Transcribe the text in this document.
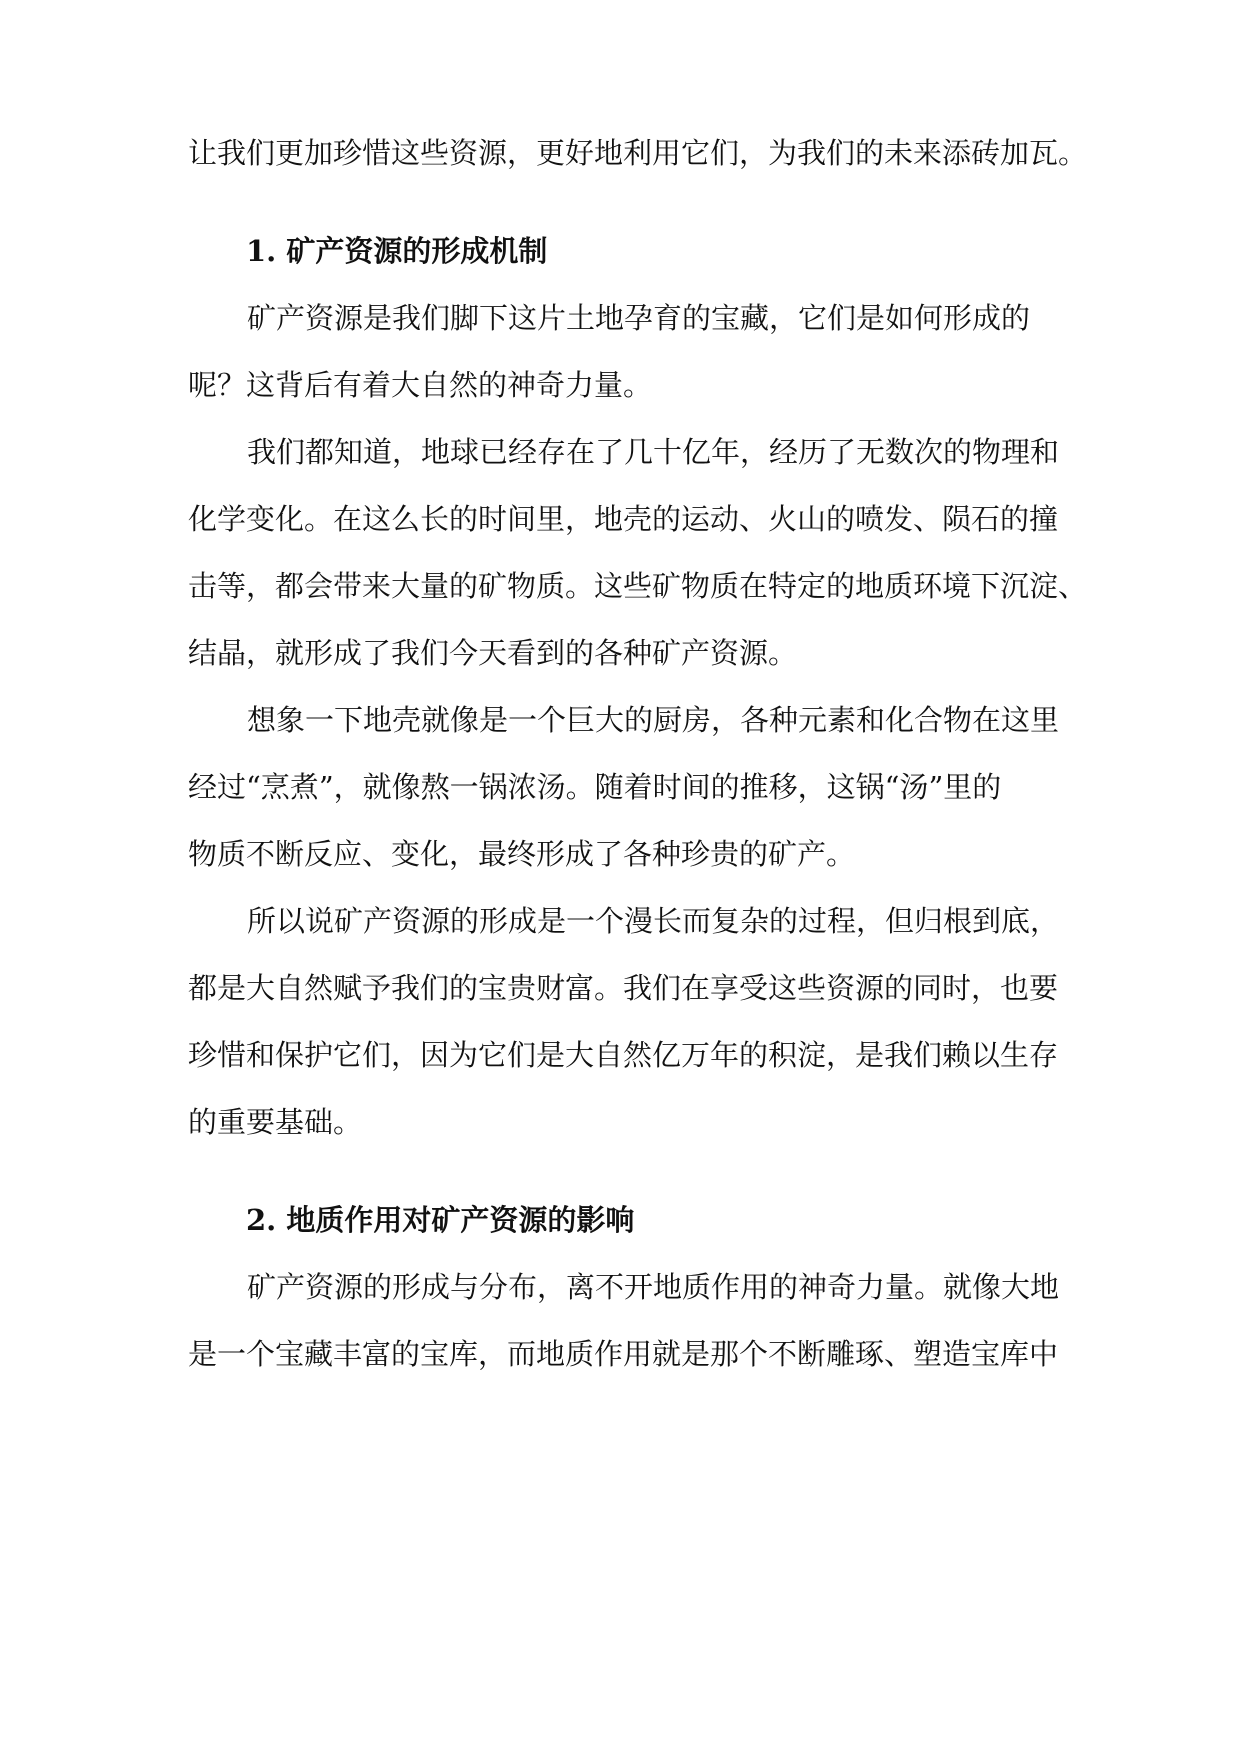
让我们更加珍惜这些资源，更好地利用它们，为我们的未来添砖加瓦。
1. 矿产资源的形成机制
矿产资源是我们脚下这片土地孕育的宝藏，它们是如何形成的
呢？这背后有着大自然的神奇力量。
我们都知道，地球已经存在了几十亿年，经历了无数次的物理和
化学变化。在这么长的时间里，地壳的运动、火山的喷发、陨石的撞
击等，都会带来大量的矿物质。这些矿物质在特定的地质环境下沉淀、
结晶，就形成了我们今天看到的各种矿产资源。
想象一下地壳就像是一个巨大的厨房，各种元素和化合物在这里
经过“烹煮”，就像熬一锅浓汤。随着时间的推移，这锅“汤”里的
物质不断反应、变化，最终形成了各种珍贵的矿产。
所以说矿产资源的形成是一个漫长而复杂的过程，但归根到底，
都是大自然赋予我们的宝贵财富。我们在享受这些资源的同时，也要
珍惜和保护它们，因为它们是大自然亿万年的积淀，是我们赖以生存
的重要基础。
2. 地质作用对矿产资源的影响
矿产资源的形成与分布，离不开地质作用的神奇力量。就像大地
是一个宝藏丰富的宝库，而地质作用就是那个不断雕琢、塑造宝库中
